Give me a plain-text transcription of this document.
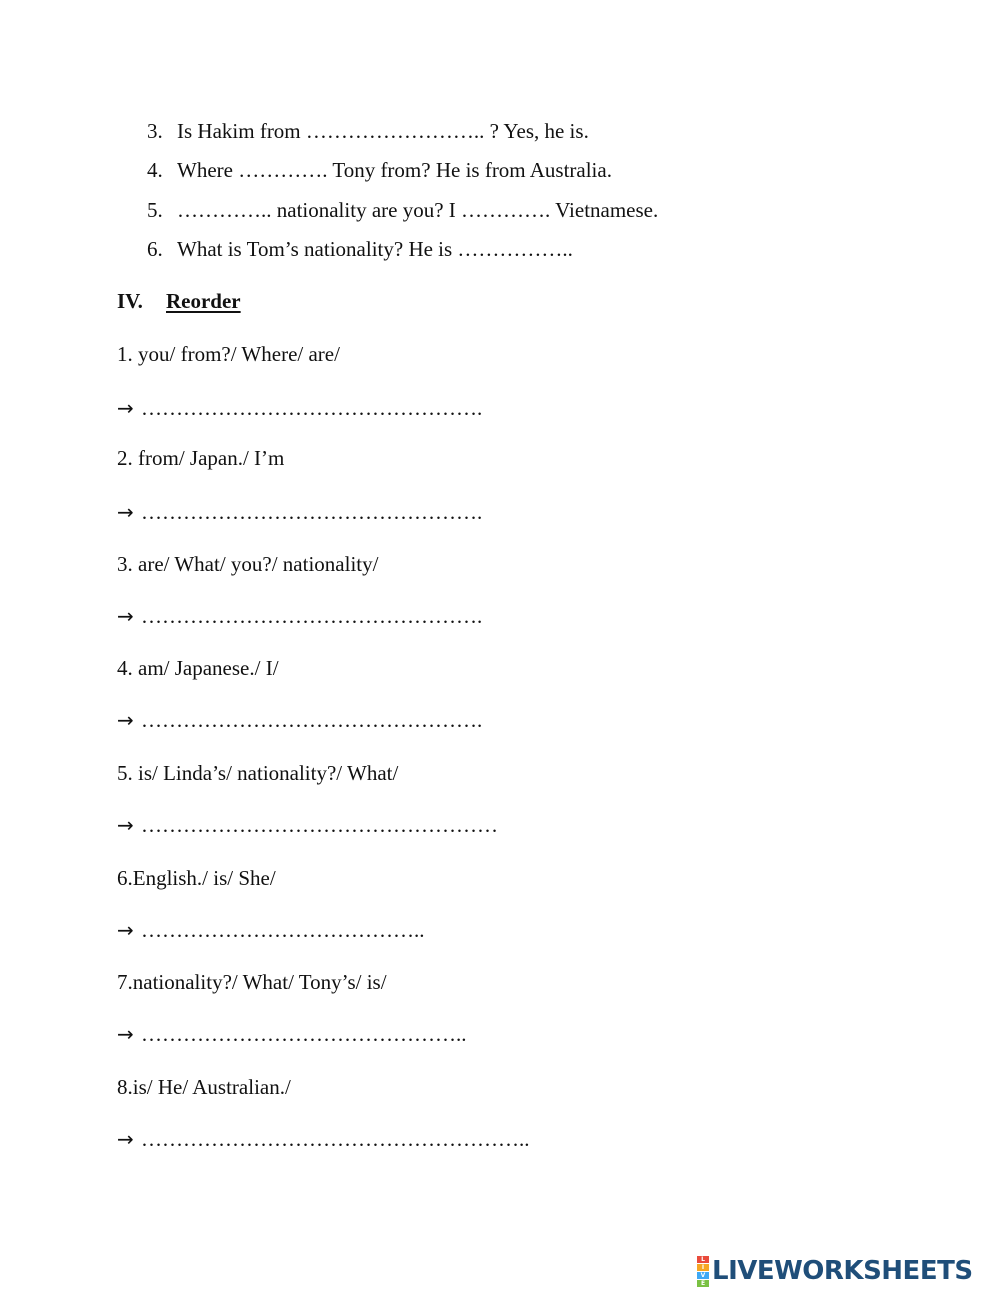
3. Is Hakim from …………………….. ? Yes, he is.
4. Where …………. Tony from? He is from Australia.
5. ………….. nationality are you? I …………. Vietnamese.
6. What is Tom’s nationality? He is ……………..
IV. Reorder
1. you/ from?/ Where/ are/
→ ………………………………………….
2. from/ Japan./ I’m
→ ………………………………………….
3. are/ What/ you?/ nationality/
→ ………………………………………….
4. am/ Japanese./ I/
→ ………………………………………….
5. is/ Linda’s/ nationality?/ What/
→ ……………………………………………
6.English./ is/ She/
→ …………………………………..
7.nationality?/ What/ Tony’s/ is/
→ ………………………………………..
8.is/ He/ Australian./
→ ………………………………………………..
L
I
V
E LIVEWORKSHEETS
